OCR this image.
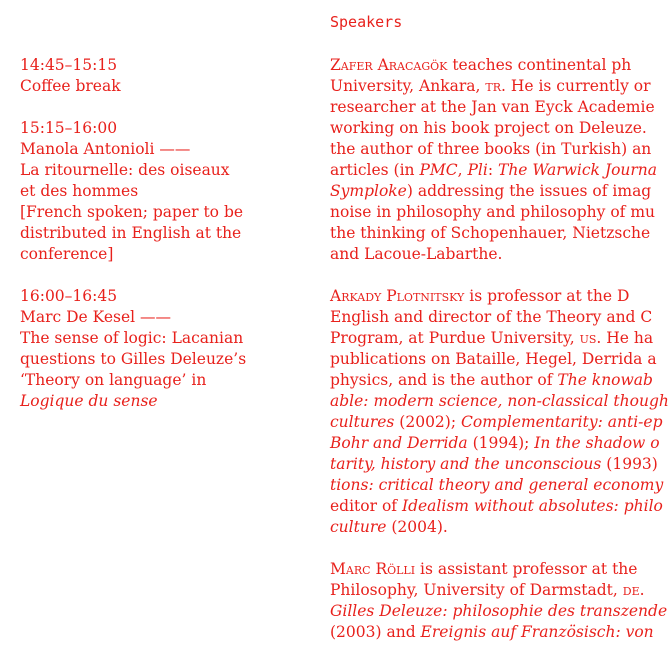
14:45–15:15
Coffee break
15:15–16:00
Manola Antonioli ——
La ritournelle: des oiseaux
et des hommes
[French spoken; paper to be
distributed in English at the
conference]
16:00–16:45
Marc De Kesel ——
The sense of logic: Lacanian
questions to Gilles Deleuze’s
‘Theory on language’ in
Logique du sense
Speakers
Zafer Aracagök teaches continental ph
University, Ankara, tr. He is currently or
researcher at the Jan van Eyck Academie
working on his book project on Deleuze.
the author of three books (in Turkish) an
articles (in PMC, Pli: The Warwick Journa
Symploke) addressing the issues of imag
noise in philosophy and philosophy of mu
the thinking of Schopenhauer, Nietzsche
and Lacoue-Labarthe.
Arkady Plotnitsky is professor at the D
English and director of the Theory and C
Program, at Purdue University, us. He ha
publications on Bataille, Hegel, Derrida a
physics, and is the author of The knowab
able: modern science, non-classical though
cultures (2002); Complementarity: anti-ep
Bohr and Derrida (1994); In the shadow o
tarity, history and the unconscious (1993)
tions: critical theory and general economy
editor of Idealism without absolutes: philo
culture (2004).
Marc Rölli is assistant professor at the
Philosophy, University of Darmstadt, de.
Gilles Deleuze: philosophie des transzende
(2003) and Ereignis auf Französisch: von
